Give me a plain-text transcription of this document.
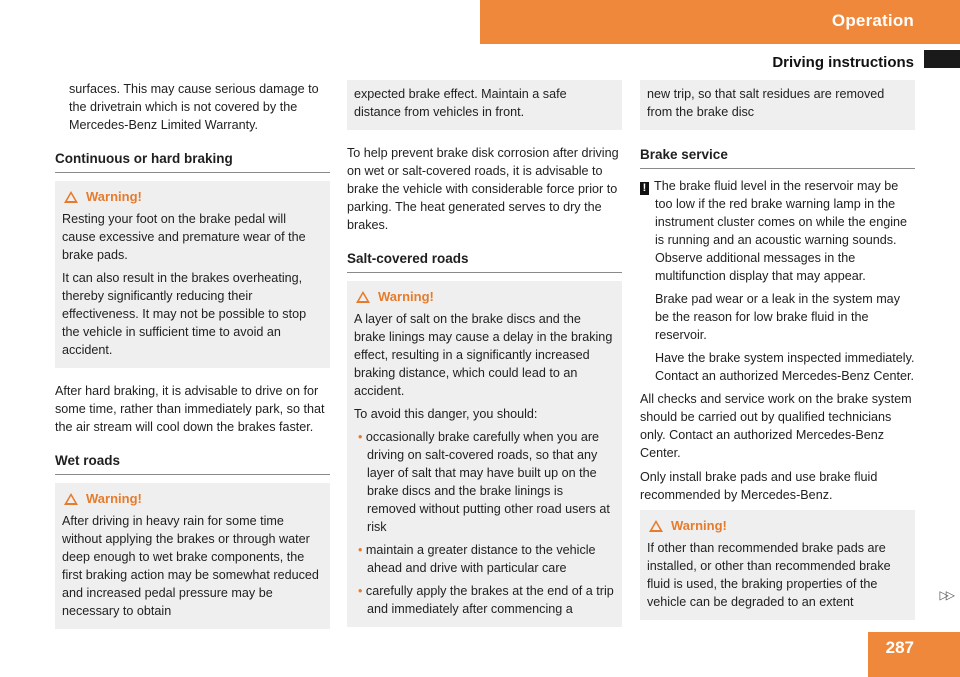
Operation
Driving instructions

surfaces. This may cause serious damage to the drivetrain which is not covered by the Mercedes-Benz Limited Warranty.

Continuous or hard braking
Warning!

Resting your foot on the brake pedal will cause excessive and premature wear of the brake pads.

It can also result in the brakes overheating, thereby significantly reducing their effectiveness. It may not be possible to stop the vehicle in sufficient time to avoid an accident.

After hard braking, it is advisable to drive on for some time, rather than immediately park, so that the air stream will cool down the brakes faster.

Wet roads
Warning!

After driving in heavy rain for some time without applying the brakes or through water deep enough to wet brake components, the first braking action may be somewhat reduced and increased pedal pressure may be necessary to obtain

expected brake effect. Maintain a safe distance from vehicles in front.

To help prevent brake disk corrosion after driving on wet or salt-covered roads, it is advisable to brake the vehicle with considerable force prior to parking. The heat generated serves to dry the brakes.

Salt-covered roads
Warning!

A layer of salt on the brake discs and the brake linings may cause a delay in the braking effect, resulting in a significantly increased braking distance, which could lead to an accident.

To avoid this danger, you should:

• occasionally brake carefully when you are driving on salt-covered roads, so that any layer of salt that may have built up on the brake discs and the brake linings is removed without putting other road users at risk

• maintain a greater distance to the vehicle ahead and drive with particular care

• carefully apply the brakes at the end of a trip and immediately after commencing a

new trip, so that salt residues are removed from the brake disc

Brake service

! The brake fluid level in the reservoir may be too low if the red brake warning lamp in the instrument cluster comes on while the engine is running and an acoustic warning sounds. Observe additional messages in the multifunction display that may appear.

Brake pad wear or a leak in the system may be the reason for low brake fluid in the reservoir.

Have the brake system inspected immediately. Contact an authorized Mercedes-Benz Center.

All checks and service work on the brake system should be carried out by qualified technicians only. Contact an authorized Mercedes-Benz Center.

Only install brake pads and use brake fluid recommended by Mercedes-Benz.

Warning!

If other than recommended brake pads are installed, or other than recommended brake fluid is used, the braking properties of the vehicle can be degraded to an extent	▷▷
287
